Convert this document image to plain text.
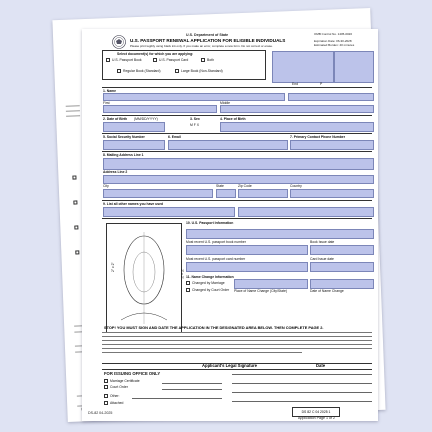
U.S. Department of State
U.S. PASSPORT RENEWAL APPLICATION FOR ELIGIBLE INDIVIDUALS
Please print legibly using black ink only. If you make an error, complete a new form. Do not correct or erase.
OMB Control No. 1405-0020
Expiration Date: 06-30-2028
Estimated Burden: 40 minutes
Select document(s) for which you are applying:
U.S. Passport Book	U.S. Passport Card	Both
Regular Book (Standard)	Large Book (Non-Standard)
End	P
1. Name
First	Middle
2. Date of Birth (MM/DD/YYYY)	3. Sex
M F X
4. Place of Birth
5. Social Security Number	6. Email	7. Primary Contact Phone Number
8. Mailing Address Line 1
Address Line 2
City	State	Zip Code	Country
9. List all other names you have used
2" x 2"
2" x 2"
10. U.S. Passport Information
Most recent U.S. passport book number	Book Issue date
Most recent U.S. passport card number	Card Issue date
11. Name Change Information
Changed by Marriage
Changed by Court Order Place of Name Change (City/State)	Date of Name Change
STOP! YOU MUST SIGN AND DATE THE APPLICATION IN THE DESIGNATED AREA BELOW. THEN COMPLETE PAGE 2.
Applicant's Legal Signature	Date
FOR ISSUING OFFICE ONLY
Marriage Certificate
Court Order
Other:
Attached
DS-82 04-2025	DS 82 C 04 2025 1
Application Page 1 of 2
